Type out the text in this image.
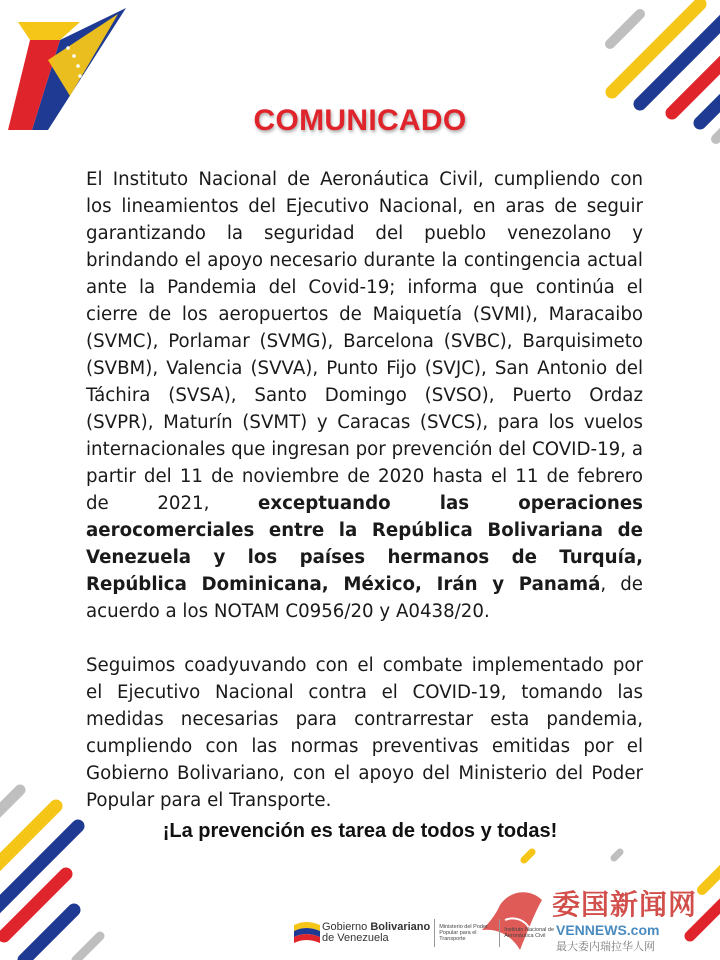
COMUNICADO

El Instituto Nacional de Aeronáutica Civil, cumpliendo con los lineamientos del Ejecutivo Nacional, en aras de seguir garantizando la seguridad del pueblo venezolano y brindando el apoyo necesario durante la contingencia actual ante la Pandemia del Covid-19; informa que continúa el cierre de los aeropuertos de Maiquetía (SVMI), Maracaibo (SVMC), Porlamar (SVMG), Barcelona (SVBC), Barquisimeto (SVBM), Valencia (SVVA), Punto Fijo (SVJC), San Antonio del Táchira (SVSA), Santo Domingo (SVSO), Puerto Ordaz (SVPR), Maturín (SVMT) y Caracas (SVCS), para los vuelos internacionales que ingresan por prevención del COVID-19, a partir del 11 de noviembre de 2020 hasta el 11 de febrero de 2021, exceptuando las operaciones aerocomerciales entre la República Bolivariana de Venezuela y los países hermanos de Turquía, República Dominicana, México, Irán y Panamá, de acuerdo a los NOTAM C0956/20 y A0438/20.

Seguimos coadyuvando con el combate implementado por el Ejecutivo Nacional contra el COVID-19, tomando las medidas necesarias para contrarrestar esta pandemia, cumpliendo con las normas preventivas emitidas por el Gobierno Bolivariano, con el apoyo del Ministerio del Poder Popular para el Transporte.

¡La prevención es tarea de todos y todas!
Gobierno Bolivariano
de Venezuela
Ministerio del Poder Popular para el Transporte
Instituto Nacional de Aeronáutica Civil
委国新闻网
VENNEWS.com
最大委内瑞拉华人网
